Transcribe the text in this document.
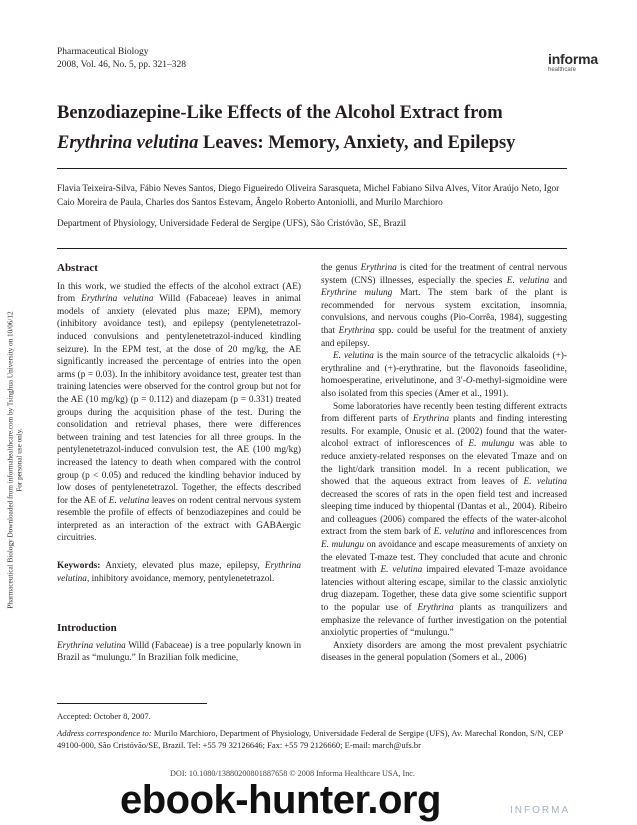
Pharmaceutical Biology
2008, Vol. 46, No. 5, pp. 321–328	informa
healthcare
Benzodiazepine-Like Effects of the Alcohol Extract from
Erythrina velutina Leaves: Memory, Anxiety, and Epilepsy
Flavia Teixeira-Silva, Fábio Neves Santos, Diego Figueiredo Oliveira Sarasqueta, Michel Fabiano Silva Alves, Vítor Araújo Neto, Igor Caio Moreira de Paula, Charles dos Santos Estevam, Ângelo Roberto Antoniolli, and Murilo Marchioro
Department of Physiology, Universidade Federal de Sergipe (UFS), São Cristóvão, SE, Brazil
Pharmaceutical Biology Downloaded from informahealthcare.com by Tsinghua University on 10/06/12 For personal use only.
Abstract

In this work, we studied the effects of the alcohol extract (AE) from Erythrina velutina Willd (Fabaceae) leaves in animal models of anxiety (elevated plus maze; EPM), memory (inhibitory avoidance test), and epilepsy (pentylenetetrazol-induced convulsions and pentylenetetrazol-induced kindling seizure). In the EPM test, at the dose of 20 mg/kg, the AE significantly increased the percentage of entries into the open arms (p = 0.03). In the inhibitory avoidance test, greater test than training latencies were observed for the control group but not for the AE (10 mg/kg) (p = 0.112) and diazepam (p = 0.331) treated groups during the acquisition phase of the test. During the consolidation and retrieval phases, there were differences between training and test latencies for all three groups. In the pentylenetetrazol-induced convulsion test, the AE (100 mg/kg) increased the latency to death when compared with the control group (p < 0.05) and reduced the kindling behavior induced by low doses of pentylenetetrazol. Together, the effects described for the AE of E. velutina leaves on rodent central nervous system resemble the profile of effects of benzodiazepines and could be interpreted as an interaction of the extract with GABAergic circuitries.

Keywords: Anxiety, elevated plus maze, epilepsy, Erythrina velutina, inhibitory avoidance, memory, pentylenetetrazol.

Introduction

Erythrina velutina Willd (Fabaceae) is a tree popularly known in Brazil as “mulungu.” In Brazilian folk medicine,

the genus Erythrina is cited for the treatment of central nervous system (CNS) illnesses, especially the species E. velutina and Erythrine mulung Mart. The stem bark of the plant is recommended for nervous system excitation, insomnia, convulsions, and nervous coughs (Pio-Corrêa, 1984), suggesting that Erythrina spp. could be useful for the treatment of anxiety and epilepsy.

E. velutina is the main source of the tetracyclic alkaloids (+)-erythraline and (+)-erythratine, but the flavonoids faseolidine, homoesperatine, erivelutinone, and 3′-O-methyl-sigmoidine were also isolated from this species (Amer et al., 1991).

Some laboratories have recently been testing different extracts from different parts of Erythrina plants and finding interesting results. For example, Onusic et al. (2002) found that the water-alcohol extract of inflorescences of E. mulungu was able to reduce anxiety-related responses on the elevated Tmaze and on the light/dark transition model. In a recent publication, we showed that the aqueous extract from leaves of E. velutina decreased the scores of rats in the open field test and increased sleeping time induced by thiopental (Dantas et al., 2004). Ribeiro and colleagues (2006) compared the effects of the water-alcohol extract from the stem bark of E. velutina and inflorescences from E. mulungu on avoidance and escape measurements of anxiety on the elevated T-maze test. They concluded that acute and chronic treatment with E. velutina impaired elevated T-maze avoidance latencies without altering escape, similar to the classic anxiolytic drug diazepam. Together, these data give some scientific support to the popular use of Erythrina plants as tranquilizers and emphasize the relevance of further investigation on the potential anxiolytic properties of “mulungu.”

Anxiety disorders are among the most prevalent psychiatric diseases in the general population (Somers et al., 2006)

Accepted: October 8, 2007.
Address correspondence to: Murilo Marchioro, Department of Physiology, Universidade Federal de Sergipe (UFS), Av. Marechal Rondon, S/N, CEP 49100-000, São Cristóvão/SE, Brazil. Tel: +55 79 32126646; Fax: +55 79 2126660; E-mail: march@ufs.br
DOI: 10.1080/13880200801887658 © 2008 Informa Healthcare USA, Inc.
ebook-hunter.org	INFORMA
